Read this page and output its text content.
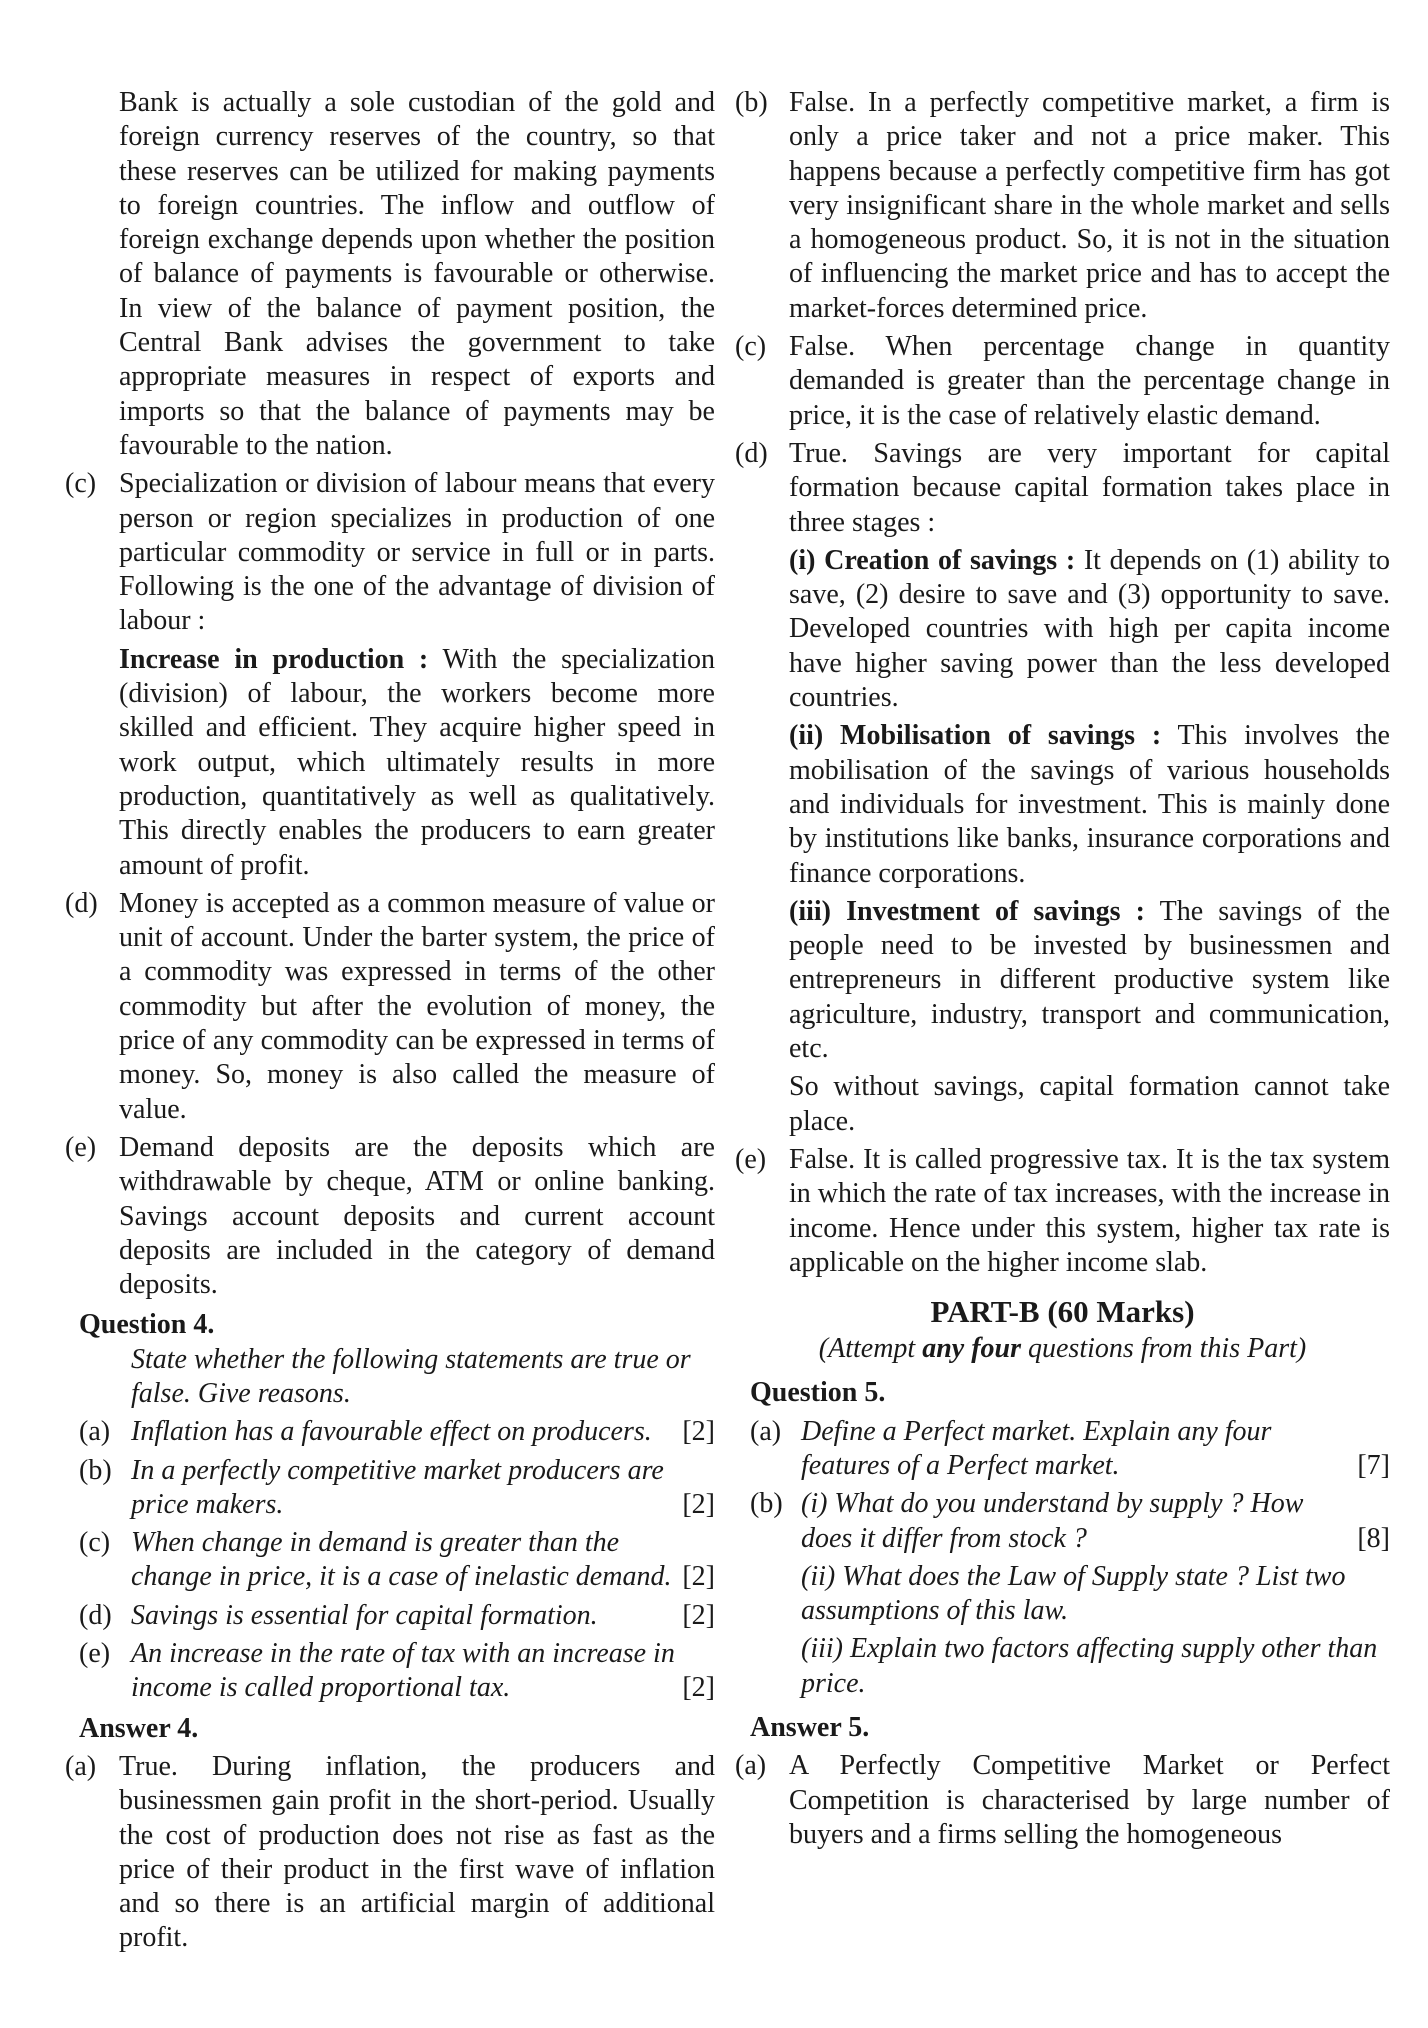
Bank is actually a sole custodian of the gold and foreign currency reserves of the country, so that these reserves can be utilized for making payments to foreign countries. The inflow and outflow of foreign exchange depends upon whether the position of balance of payments is favourable or otherwise. In view of the balance of payment position, the Central Bank advises the government to take appropriate measures in respect of exports and imports so that the balance of payments may be favourable to the nation.

(c) Specialization or division of labour means that every person or region specializes in production of one particular commodity or service in full or in parts. Following is the one of the advantage of division of labour :

Increase in production : With the specialization (division) of labour, the workers become more skilled and efficient. They acquire higher speed in work output, which ultimately results in more production, quantitatively as well as qualitatively. This directly enables the producers to earn greater amount of profit.

(d) Money is accepted as a common measure of value or unit of account. Under the barter system, the price of a commodity was expressed in terms of the other commodity but after the evolution of money, the price of any commodity can be expressed in terms of money. So, money is also called the measure of value.

(e) Demand deposits are the deposits which are withdrawable by cheque, ATM or online banking. Savings account deposits and current account deposits are included in the category of demand deposits.

Question 4.
State whether the following statements are true or false. Give reasons.
(a) Inflation has a favourable effect on producers. [2]
(b) In a perfectly competitive market producers are price makers.	[2]
(c) When change in demand is greater than the change in price, it is a case of inelastic demand. [2]
(d) Savings is essential for capital formation.	[2]
(e) An increase in the rate of tax with an increase in income is called proportional tax.	[2]
Answer 4.
(a) True. During inflation, the producers and businessmen gain profit in the short-period. Usually the cost of production does not rise as fast as the price of their product in the first wave of inflation and so there is an artificial margin of additional profit.

(b) False. In a perfectly competitive market, a firm is only a price taker and not a price maker. This happens because a perfectly competitive firm has got very insignificant share in the whole market and sells a homogeneous product. So, it is not in the situation of influencing the market price and has to accept the market-forces determined price.

(c) False. When percentage change in quantity demanded is greater than the percentage change in price, it is the case of relatively elastic demand.

(d) True. Savings are very important for capital formation because capital formation takes place in three stages :

(i) Creation of savings : It depends on (1) ability to save, (2) desire to save and (3) opportunity to save. Developed countries with high per capita income have higher saving power than the less developed countries.

(ii) Mobilisation of savings : This involves the mobilisation of the savings of various households and individuals for investment. This is mainly done by institutions like banks, insurance corporations and finance corporations.

(iii) Investment of savings : The savings of the people need to be invested by businessmen and entrepreneurs in different productive system like agriculture, industry, transport and communication, etc.

So without savings, capital formation cannot take place.

(e) False. It is called progressive tax. It is the tax system in which the rate of tax increases, with the increase in income. Hence under this system, higher tax rate is applicable on the higher income slab.

PART-B (60 Marks)
(Attempt any four questions from this Part)
Question 5.
(a) Define a Perfect market. Explain any four features of a Perfect market.	[7]
(b) (i) What do you understand by supply ? How does it differ from stock ?	[8]
(ii) What does the Law of Supply state ? List two assumptions of this law.
(iii) Explain two factors affecting supply other than price.
Answer 5.
(a) A Perfectly Competitive Market or Perfect Competition is characterised by large number of buyers and a firms selling the homogeneous
